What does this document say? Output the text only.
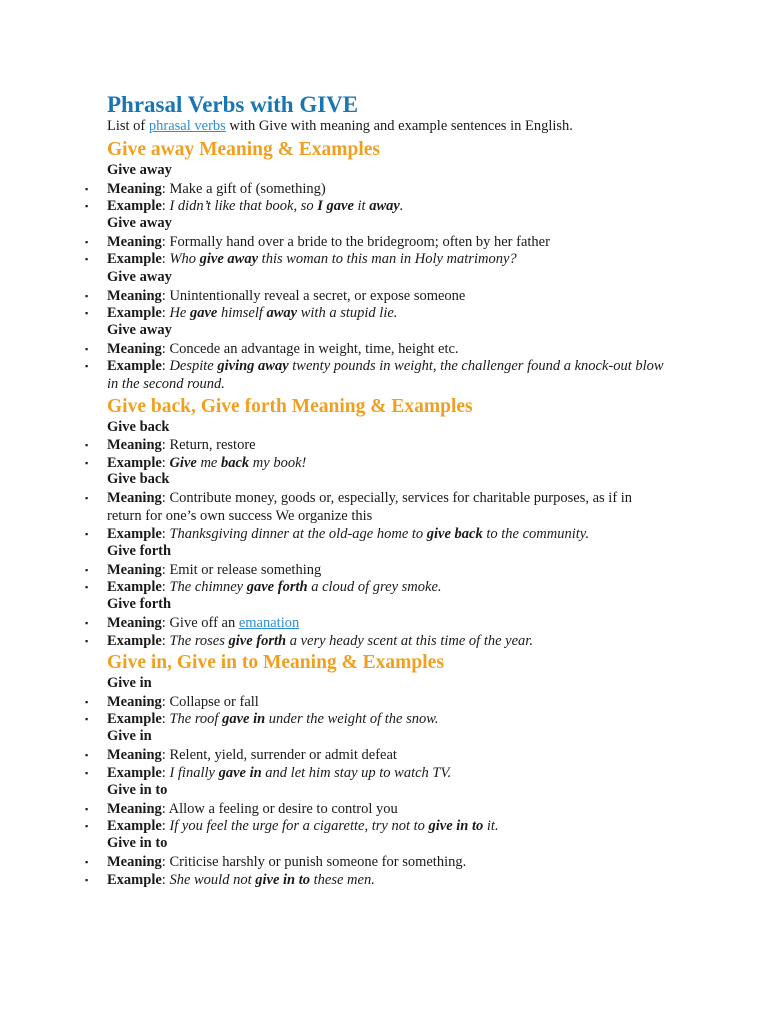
Phrasal Verbs with GIVE
List of phrasal verbs with Give with meaning and example sentences in English.
Give away Meaning & Examples
Give away
▪ Meaning: Make a gift of (something)
▪ Example: I didn’t like that book, so I gave it away.
Give away
▪ Meaning: Formally hand over a bride to the bridegroom; often by her father
▪ Example: Who give away this woman to this man in Holy matrimony?
Give away
▪ Meaning: Unintentionally reveal a secret, or expose someone
▪ Example: He gave himself away with a stupid lie.
Give away
▪ Meaning: Concede an advantage in weight, time, height etc.
▪ Example: Despite giving away twenty pounds in weight, the challenger found a knock-out blow in the second round.
Give back, Give forth Meaning & Examples
Give back
▪ Meaning: Return, restore
▪ Example: Give me back my book!
Give back
▪ Meaning: Contribute money, goods or, especially, services for charitable purposes, as if in return for one’s own success We organize this
▪ Example: Thanksgiving dinner at the old-age home to give back to the community.
Give forth
▪ Meaning: Emit or release something
▪ Example: The chimney gave forth a cloud of grey smoke.
Give forth
▪ Meaning: Give off an emanation
▪ Example: The roses give forth a very heady scent at this time of the year.
Give in, Give in to Meaning & Examples
Give in
▪ Meaning: Collapse or fall
▪ Example: The roof gave in under the weight of the snow.
Give in
▪ Meaning: Relent, yield, surrender or admit defeat
▪ Example: I finally gave in and let him stay up to watch TV.
Give in to
▪ Meaning: Allow a feeling or desire to control you
▪ Example: If you feel the urge for a cigarette, try not to give in to it.
Give in to
▪ Meaning: Criticise harshly or punish someone for something.
▪ Example: She would not give in to these men.
